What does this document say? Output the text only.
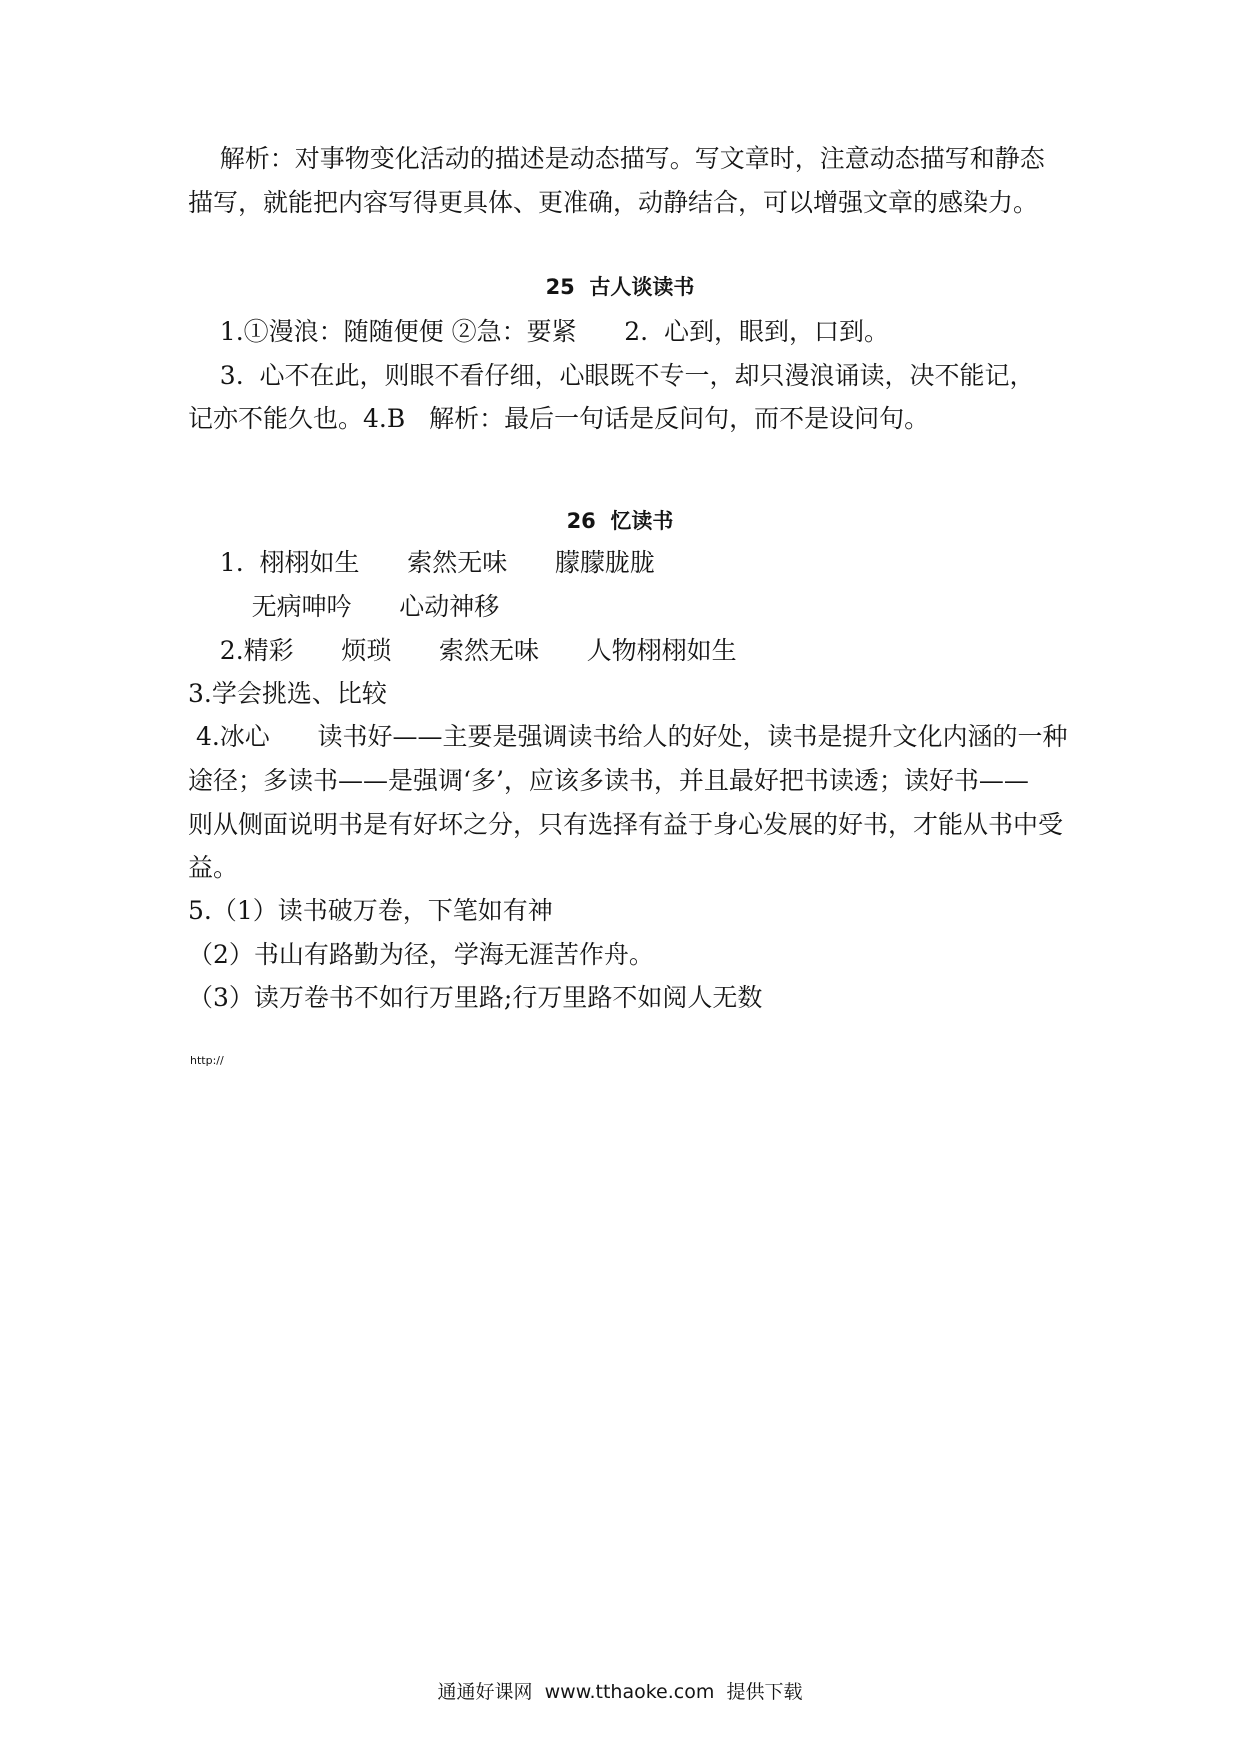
解析：对事物变化活动的描述是动态描写。写文章时，注意动态描写和静态
描写，就能把内容写得更具体、更准确，动静结合，可以增强文章的感染力。
25  古人谈读书
1.①漫浪：随随便便 ②急：要紧      2.  心到，眼到，口到。
3.  心不在此，则眼不看仔细，心眼既不专一，却只漫浪诵读，决不能记，
记亦不能久也。4.B   解析：最后一句话是反问句，而不是设问句。
26  忆读书
1.  栩栩如生      索然无味      朦朦胧胧
无病呻吟      心动神移
2.精彩      烦琐      索然无味      人物栩栩如生
3.学会挑选、比较
4.冰心      读书好——主要是强调读书给人的好处，读书是提升文化内涵的一种
途径；多读书——是强调‘多’，应该多读书，并且最好把书读透；读好书——
则从侧面说明书是有好坏之分，只有选择有益于身心发展的好书，才能从书中受
益。
5.（1）读书破万卷，下笔如有神
（2）书山有路勤为径，学海无涯苦作舟。
（3）读万卷书不如行万里路;行万里路不如阅人无数
http://
通通好课网  www.tthaoke.com  提供下载
